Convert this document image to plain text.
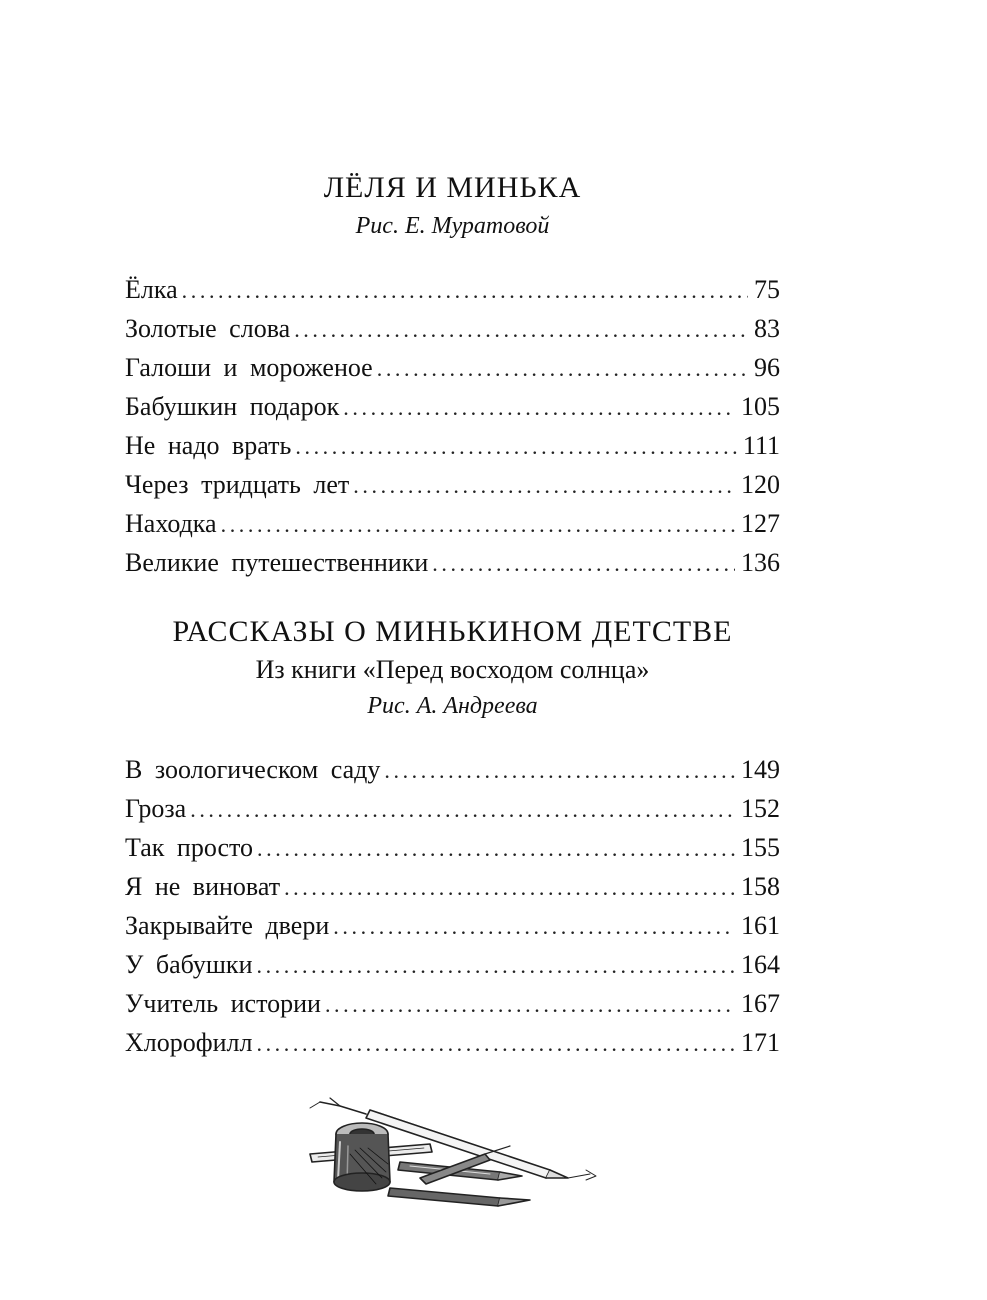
ЛЁЛЯ И МИНЬКА

Рис. Е. Муратовой

Ёлка .....	75
Золотые слова .....	83
Галоши и мороженое .....	96
Бабушкин подарок .....	105
Не надо врать .....	111
Через тридцать лет .....	120
Находка .....	127
Великие путешественники .....	136
РАССКАЗЫ О МИНЬКИНОМ ДЕТСТВЕ

Из книги «Перед восходом солнца»

Рис. А. Андреева

В зоологическом саду .....	149
Гроза .....	152
Так просто .....	155
Я не виноват .....	158
Закрывайте двери .....	161
У бабушки .....	164
Учитель истории .....	167
Хлорофилл .....	171
